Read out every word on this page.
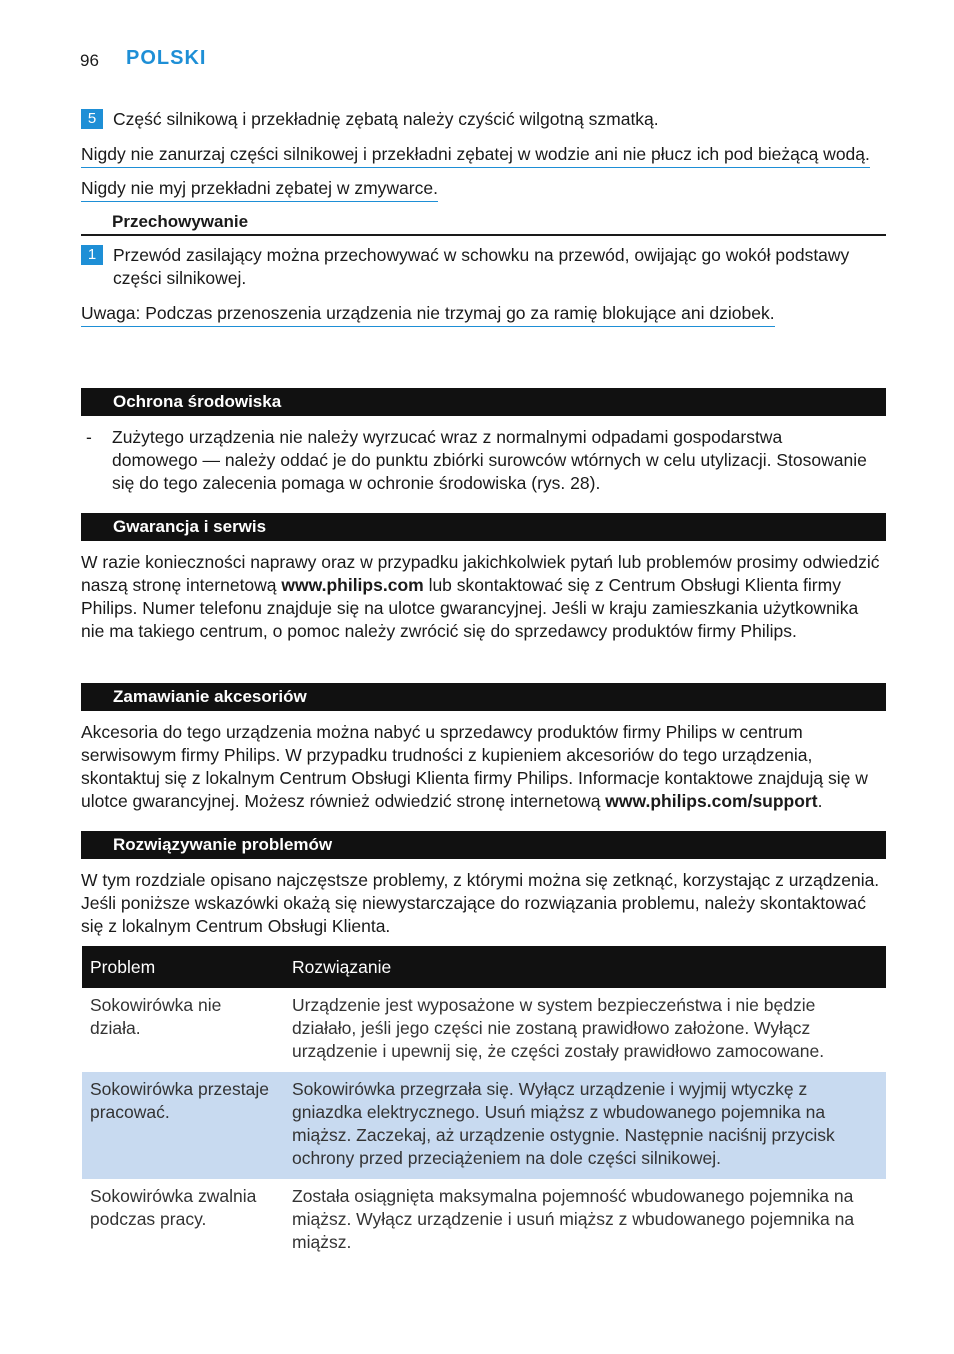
96 POLSKI
5 Część silnikową i przekładnię zębatą należy czyścić wilgotną szmatką.
Nigdy nie zanurzaj części silnikowej i przekładni zębatej w wodzie ani nie płucz ich pod bieżącą wodą.
Nigdy nie myj przekładni zębatej w zmywarce.
Przechowywanie
1 Przewód zasilający można przechowywać w schowku na przewód, owijając go wokół podstawy części silnikowej.
Uwaga: Podczas przenoszenia urządzenia nie trzymaj go za ramię blokujące ani dziobek.
Ochrona środowiska
- Zużytego urządzenia nie należy wyrzucać wraz z normalnymi odpadami gospodarstwa domowego — należy oddać je do punktu zbiórki surowców wtórnych w celu utylizacji. Stosowanie się do tego zalecenia pomaga w ochronie środowiska (rys. 28).
Gwarancja i serwis
W razie konieczności naprawy oraz w przypadku jakichkolwiek pytań lub problemów prosimy odwiedzić naszą stronę internetową www.philips.com lub skontaktować się z Centrum Obsługi Klienta firmy Philips. Numer telefonu znajduje się na ulotce gwarancyjnej. Jeśli w kraju zamieszkania użytkownika nie ma takiego centrum, o pomoc należy zwrócić się do sprzedawcy produktów firmy Philips.
Zamawianie akcesoriów
Akcesoria do tego urządzenia można nabyć u sprzedawcy produktów firmy Philips w centrum serwisowym firmy Philips. W przypadku trudności z kupieniem akcesoriów do tego urządzenia, skontaktuj się z lokalnym Centrum Obsługi Klienta firmy Philips. Informacje kontaktowe znajdują się w ulotce gwarancyjnej. Możesz również odwiedzić stronę internetową www.philips.com/support.
Rozwiązywanie problemów
W tym rozdziale opisano najczęstsze problemy, z którymi można się zetknąć, korzystając z urządzenia. Jeśli poniższe wskazówki okażą się niewystarczające do rozwiązania problemu, należy skontaktować się z lokalnym Centrum Obsługi Klienta.
Problem	Rozwiązanie
Sokowirówka nie działa.	Urządzenie jest wyposażone w system bezpieczeństwa i nie będzie działało, jeśli jego części nie zostaną prawidłowo założone. Wyłącz urządzenie i upewnij się, że części zostały prawidłowo zamocowane.
Sokowirówka przestaje pracować.	Sokowirówka przegrzała się. Wyłącz urządzenie i wyjmij wtyczkę z gniazdka elektrycznego. Usuń miąższ z wbudowanego pojemnika na miąższ. Zaczekaj, aż urządzenie ostygnie. Następnie naciśnij przycisk ochrony przed przeciążeniem na dole części silnikowej.
Sokowirówka zwalnia podczas pracy.	Została osiągnięta maksymalna pojemność wbudowanego pojemnika na miąższ. Wyłącz urządzenie i usuń miąższ z wbudowanego pojemnika na miąższ.
